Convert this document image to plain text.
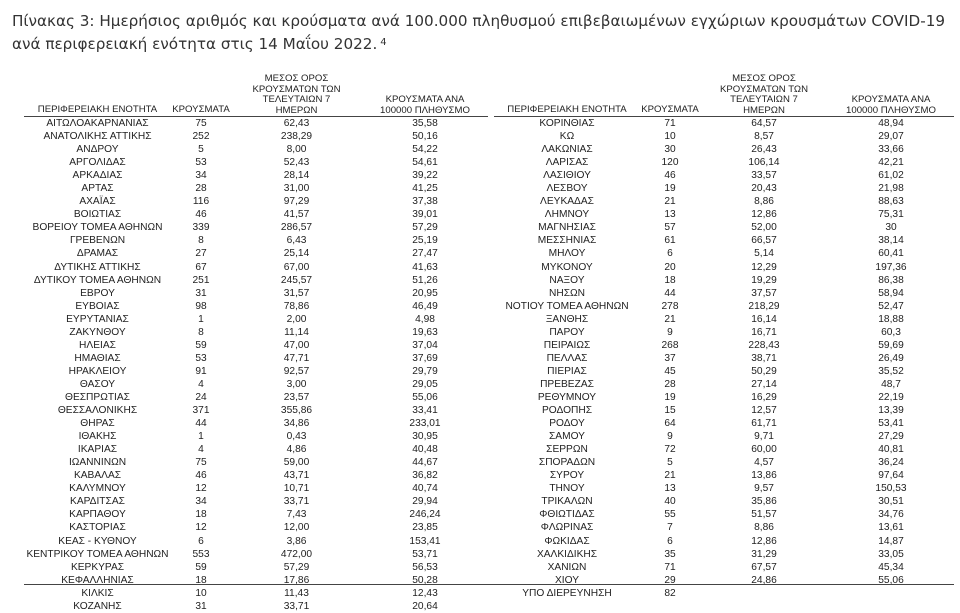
Πίνακας 3: Ημερήσιος αριθμός και κρούσματα ανά 100.000 πληθυσμού επιβεβαιωμένων εγχώριων κρουσμάτων COVID-19 ανά περιφερειακή ενότητα στις 14 Μαΐου 2022. $^4$
ΠΕΡΙΦΕΡΕΙΑΚΗ ΕΝΟΤΗΤΑ	ΚΡΟΥΣΜΑΤΑ	ΜΕΣΟΣ ΟΡΟΣ ΚΡΟΥΣΜΑΤΩΝ ΤΩΝ ΤΕΛΕΥΤΑΙΩΝ 7 ΗΜΕΡΩΝ	ΚΡΟΥΣΜΑΤΑ ΑΝΑ 100000 ΠΛΗΘΥΣΜΟ
ΑΙΤΩΛΟΑΚΑΡΝΑΝΙΑΣ	75	62,43	35,58
ΑΝΑΤΟΛΙΚΗΣ ΑΤΤΙΚΗΣ	252	238,29	50,16
ΑΝΔΡΟΥ	5	8,00	54,22
ΑΡΓΟΛΙΔΑΣ	53	52,43	54,61
ΑΡΚΑΔΙΑΣ	34	28,14	39,22
ΑΡΤΑΣ	28	31,00	41,25
ΑΧΑΪΑΣ	116	97,29	37,38
ΒΟΙΩΤΙΑΣ	46	41,57	39,01
ΒΟΡΕΙΟΥ ΤΟΜΕΑ ΑΘΗΝΩΝ	339	286,57	57,29
ΓΡΕΒΕΝΩΝ	8	6,43	25,19
ΔΡΑΜΑΣ	27	25,14	27,47
ΔΥΤΙΚΗΣ ΑΤΤΙΚΗΣ	67	67,00	41,63
ΔΥΤΙΚΟΥ ΤΟΜΕΑ ΑΘΗΝΩΝ	251	245,57	51,26
ΕΒΡΟΥ	31	31,57	20,95
ΕΥΒΟΙΑΣ	98	78,86	46,49
ΕΥΡΥΤΑΝΙΑΣ	1	2,00	4,98
ΖΑΚΥΝΘΟΥ	8	11,14	19,63
ΗΛΕΙΑΣ	59	47,00	37,04
ΗΜΑΘΙΑΣ	53	47,71	37,69
ΗΡΑΚΛΕΙΟΥ	91	92,57	29,79
ΘΑΣΟΥ	4	3,00	29,05
ΘΕΣΠΡΩΤΙΑΣ	24	23,57	55,06
ΘΕΣΣΑΛΟΝΙΚΗΣ	371	355,86	33,41
ΘΗΡΑΣ	44	34,86	233,01
ΙΘΑΚΗΣ	1	0,43	30,95
ΙΚΑΡΙΑΣ	4	4,86	40,48
ΙΩΑΝΝΙΝΩΝ	75	59,00	44,67
ΚΑΒΑΛΑΣ	46	43,71	36,82
ΚΑΛΥΜΝΟΥ	12	10,71	40,74
ΚΑΡΔΙΤΣΑΣ	34	33,71	29,94
ΚΑΡΠΑΘΟΥ	18	7,43	246,24
ΚΑΣΤΟΡΙΑΣ	12	12,00	23,85
ΚΕΑΣ - ΚΥΘΝΟΥ	6	3,86	153,41
ΚΕΝΤΡΙΚΟΥ ΤΟΜΕΑ ΑΘΗΝΩΝ	553	472,00	53,71
ΚΕΡΚΥΡΑΣ	59	57,29	56,53
ΚΕΦΑΛΛΗΝΙΑΣ	18	17,86	50,28
ΚΙΛΚΙΣ	10	11,43	12,43
ΚΟΖΑΝΗΣ	31	33,71	20,64
ΠΕΡΙΦΕΡΕΙΑΚΗ ΕΝΟΤΗΤΑ	ΚΡΟΥΣΜΑΤΑ	ΜΕΣΟΣ ΟΡΟΣ ΚΡΟΥΣΜΑΤΩΝ ΤΩΝ ΤΕΛΕΥΤΑΙΩΝ 7 ΗΜΕΡΩΝ	ΚΡΟΥΣΜΑΤΑ ΑΝΑ 100000 ΠΛΗΘΥΣΜΟ
ΚΟΡΙΝΘΙΑΣ	71	64,57	48,94
ΚΩ	10	8,57	29,07
ΛΑΚΩΝΙΑΣ	30	26,43	33,66
ΛΑΡΙΣΑΣ	120	106,14	42,21
ΛΑΣΙΘΙΟΥ	46	33,57	61,02
ΛΕΣΒΟΥ	19	20,43	21,98
ΛΕΥΚΑΔΑΣ	21	8,86	88,63
ΛΗΜΝΟΥ	13	12,86	75,31
ΜΑΓΝΗΣΙΑΣ	57	52,00	30
ΜΕΣΣΗΝΙΑΣ	61	66,57	38,14
ΜΗΛΟΥ	6	5,14	60,41
ΜΥΚΟΝΟΥ	20	12,29	197,36
ΝΑΞΟΥ	18	19,29	86,38
ΝΗΣΩΝ	44	37,57	58,94
ΝΟΤΙΟΥ ΤΟΜΕΑ ΑΘΗΝΩΝ	278	218,29	52,47
ΞΑΝΘΗΣ	21	16,14	18,88
ΠΑΡΟΥ	9	16,71	60,3
ΠΕΙΡΑΙΩΣ	268	228,43	59,69
ΠΕΛΛΑΣ	37	38,71	26,49
ΠΙΕΡΙΑΣ	45	50,29	35,52
ΠΡΕΒΕΖΑΣ	28	27,14	48,7
ΡΕΘΥΜΝΟΥ	19	16,29	22,19
ΡΟΔΟΠΗΣ	15	12,57	13,39
ΡΟΔΟΥ	64	61,71	53,41
ΣΑΜΟΥ	9	9,71	27,29
ΣΕΡΡΩΝ	72	60,00	40,81
ΣΠΟΡΑΔΩΝ	5	4,57	36,24
ΣΥΡΟΥ	21	13,86	97,64
ΤΗΝΟΥ	13	9,57	150,53
ΤΡΙΚΑΛΩΝ	40	35,86	30,51
ΦΘΙΩΤΙΔΑΣ	55	51,57	34,76
ΦΛΩΡΙΝΑΣ	7	8,86	13,61
ΦΩΚΙΔΑΣ	6	12,86	14,87
ΧΑΛΚΙΔΙΚΗΣ	35	31,29	33,05
ΧΑΝΙΩΝ	71	67,57	45,34
ΧΙΟΥ	29	24,86	55,06
ΥΠΟ ΔΙΕΡΕΥΝΗΣΗ	82		
